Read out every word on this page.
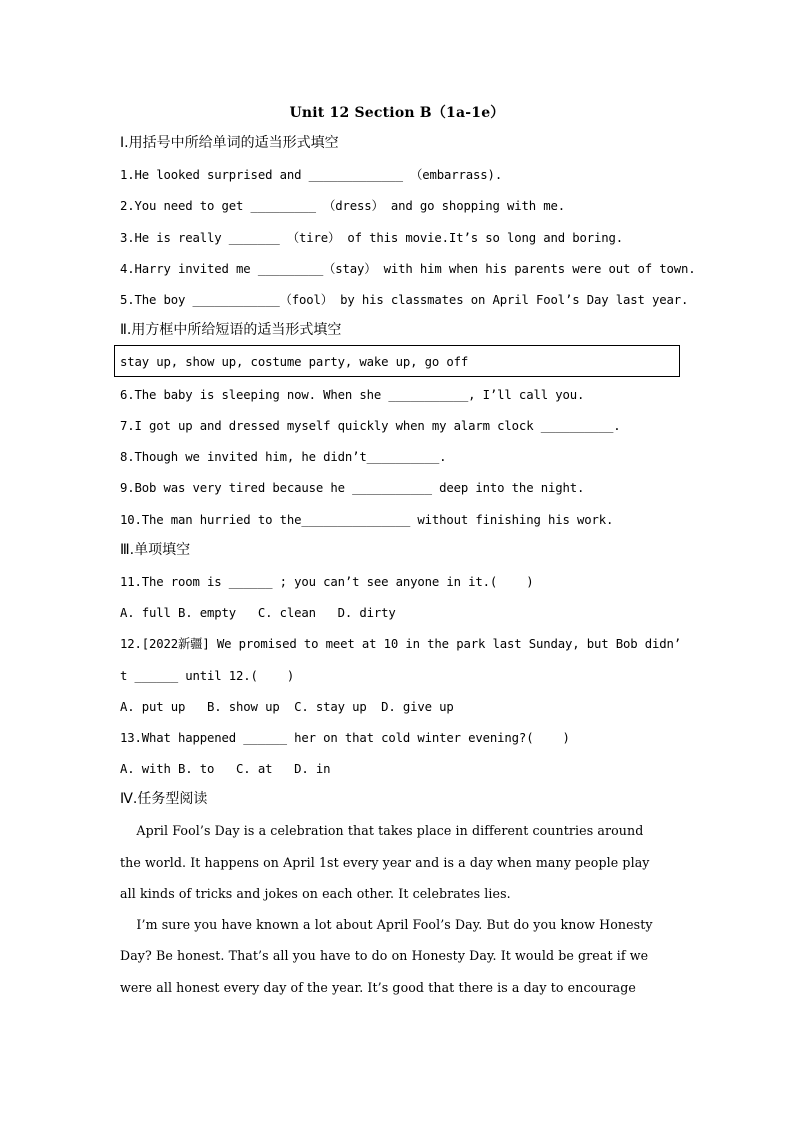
Unit 12 Section B（1a-1e）
Ⅰ.用括号中所给单词的适当形式填空
1.He looked surprised and _____________ （embarrass).
2.You need to get _________ （dress） and go shopping with me.
3.He is really _______ （tire） of this movie.It’s so long and boring.
4.Harry invited me _________（stay） with him when his parents were out of town.
5.The boy ____________（fool） by his classmates on April Fool’s Day last year.
Ⅱ.用方框中所给短语的适当形式填空
stay up, show up, costume party, wake up, go off
6.The baby is sleeping now. When she ___________, I’ll call you.
7.I got up and dressed myself quickly when my alarm clock __________.
8.Though we invited him, he didn’t__________.
9.Bob was very tired because he ___________ deep into the night.
10.The man hurried to the_______________ without finishing his work.
Ⅲ.单项填空
11.The room is ______ ; you can’t see anyone in it.(    )
A. full B. empty   C. clean   D. dirty
12.[2022新疆] We promised to meet at 10 in the park last Sunday, but Bob didn’
t ______ until 12.(    )
A. put up   B. show up  C. stay up  D. give up
13.What happened ______ her on that cold winter evening?(    )
A. with B. to   C. at   D. in
Ⅳ.任务型阅读
April Fool’s Day is a celebration that takes place in different countries around
the world. It happens on April 1st every year and is a day when many people play
all kinds of tricks and jokes on each other. It celebrates lies.
I’m sure you have known a lot about April Fool’s Day. But do you know Honesty
Day? Be honest. That’s all you have to do on Honesty Day. It would be great if we
were all honest every day of the year. It’s good that there is a day to encourage
